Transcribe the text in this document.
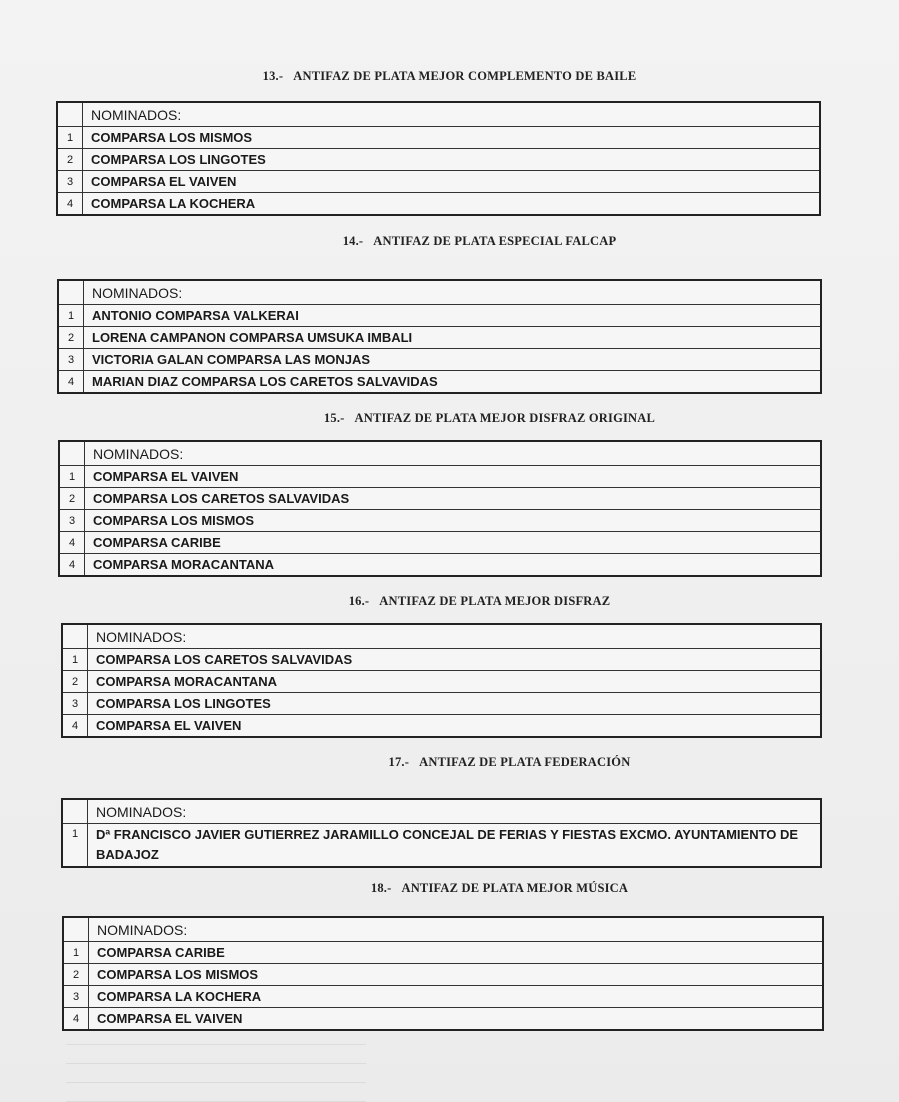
13.- ANTIFAZ DE PLATA MEJOR COMPLEMENTO DE BAILE
	NOMINADOS:
1	COMPARSA LOS MISMOS
2	COMPARSA LOS LINGOTES
3	COMPARSA EL VAIVEN
4	COMPARSA LA KOCHERA
14.- ANTIFAZ DE PLATA ESPECIAL FALCAP
	NOMINADOS:
1	ANTONIO COMPARSA VALKERAI
2	LORENA CAMPANON COMPARSA UMSUKA IMBALI
3	VICTORIA GALAN COMPARSA LAS MONJAS
4	MARIAN DIAZ COMPARSA LOS CARETOS SALVAVIDAS
15.- ANTIFAZ DE PLATA MEJOR DISFRAZ ORIGINAL
	NOMINADOS:
1	COMPARSA EL VAIVEN
2	COMPARSA LOS CARETOS SALVAVIDAS
3	COMPARSA LOS MISMOS
4	COMPARSA CARIBE
4	COMPARSA MORACANTANA
16.- ANTIFAZ DE PLATA MEJOR DISFRAZ
	NOMINADOS:
1	COMPARSA LOS CARETOS SALVAVIDAS
2	COMPARSA MORACANTANA
3	COMPARSA LOS LINGOTES
4	COMPARSA EL VAIVEN
17.- ANTIFAZ DE PLATA FEDERACIÓN
	NOMINADOS:
1	Dª FRANCISCO JAVIER GUTIERREZ JARAMILLO CONCEJAL DE FERIAS Y FIESTAS EXCMO. AYUNTAMIENTO DE BADAJOZ
18.- ANTIFAZ DE PLATA MEJOR MÚSICA
	NOMINADOS:
1	COMPARSA CARIBE
2	COMPARSA LOS MISMOS
3	COMPARSA LA KOCHERA
4	COMPARSA EL VAIVEN
